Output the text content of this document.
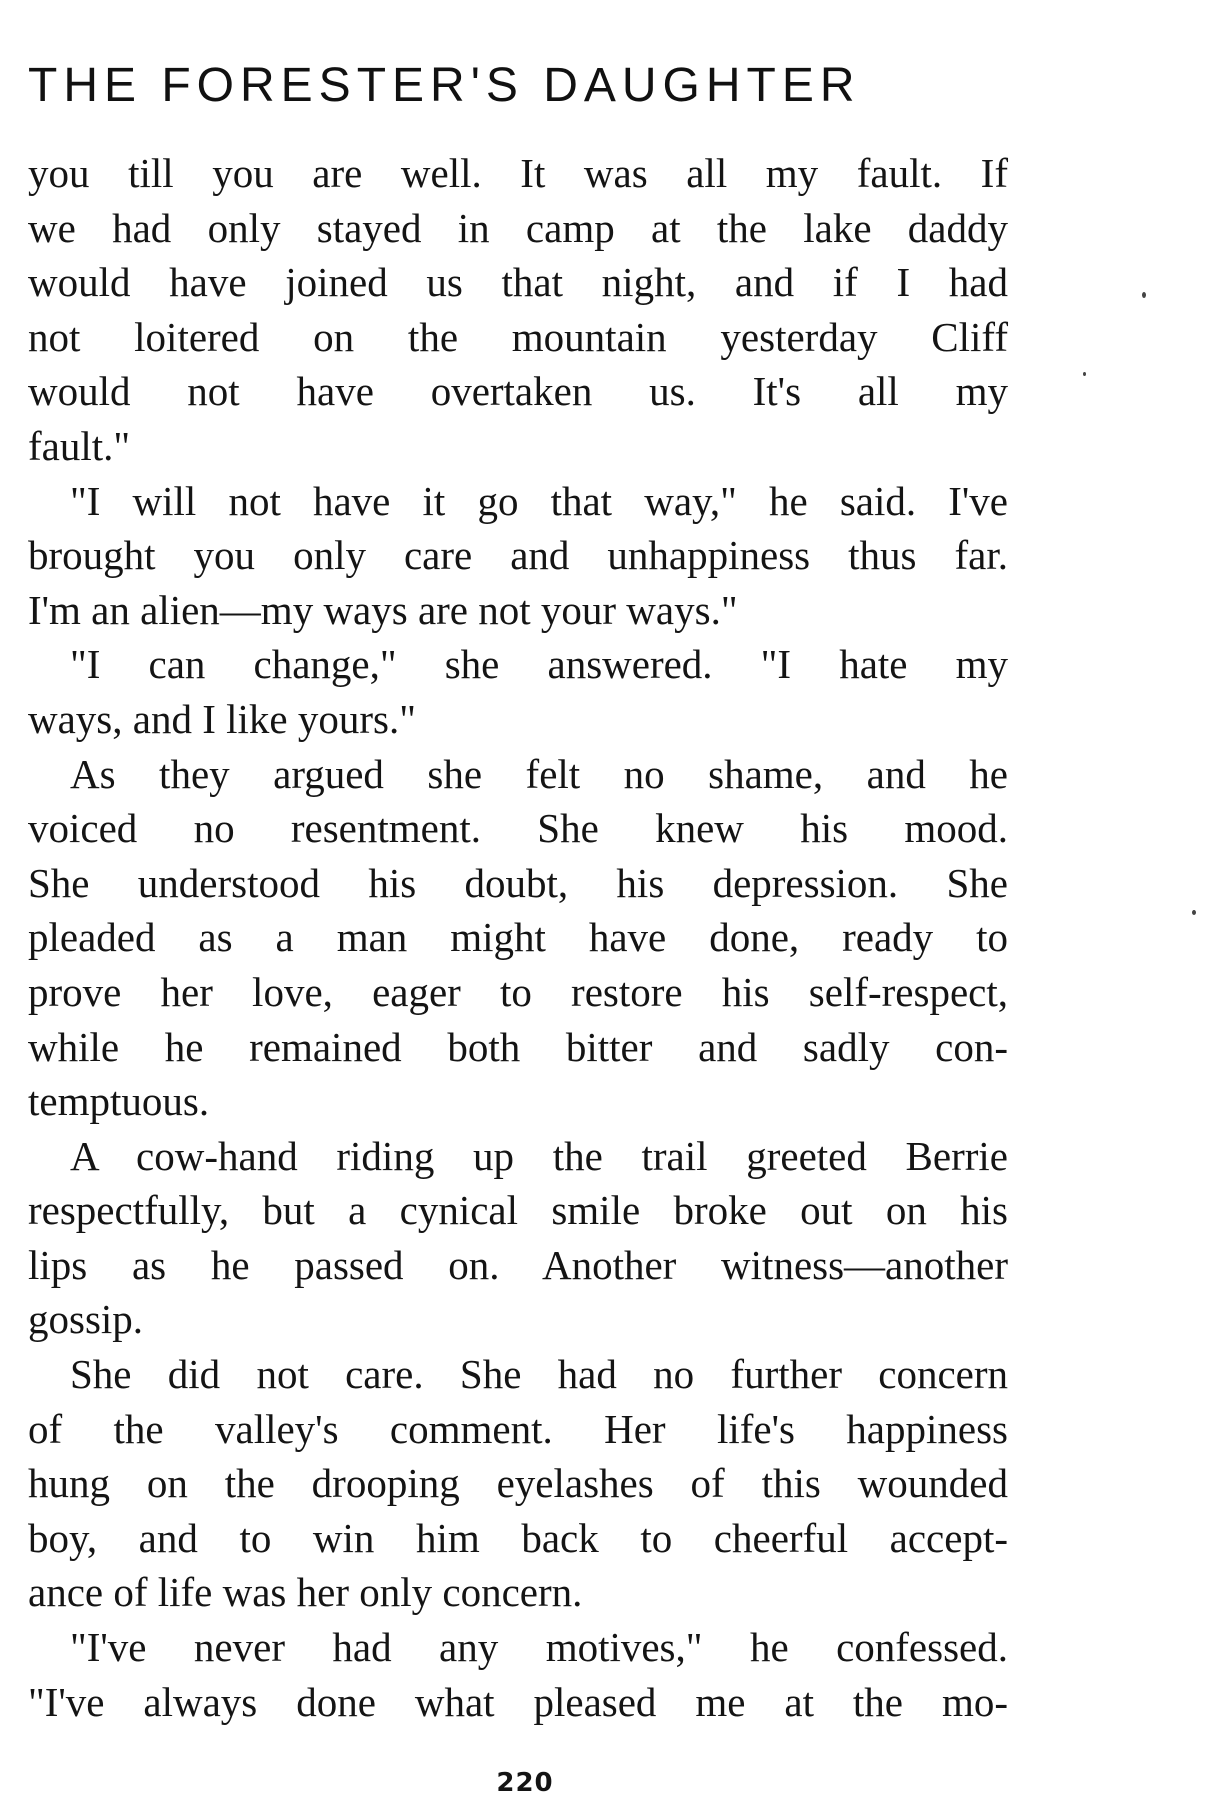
THE FORESTER'S DAUGHTER
you till you are well. It was all my fault. If
we had only stayed in camp at the lake daddy
would have joined us that night, and if I had
not loitered on the mountain yesterday Cliff
would not have overtaken us. It's all my
fault."
"I will not have it go that way," he said. I've
brought you only care and unhappiness thus far.
I'm an alien—my ways are not your ways."
"I can change," she answered. "I hate my
ways, and I like yours."
As they argued she felt no shame, and he
voiced no resentment. She knew his mood.
She understood his doubt, his depression. She
pleaded as a man might have done, ready to
prove her love, eager to restore his self-respect,
while he remained both bitter and sadly con-
temptuous.
A cow-hand riding up the trail greeted Berrie
respectfully, but a cynical smile broke out on his
lips as he passed on. Another witness—another
gossip.
She did not care. She had no further concern
of the valley's comment. Her life's happiness
hung on the drooping eyelashes of this wounded
boy, and to win him back to cheerful accept-
ance of life was her only concern.
"I've never had any motives," he confessed.
"I've always done what pleased me at the mo-
220
